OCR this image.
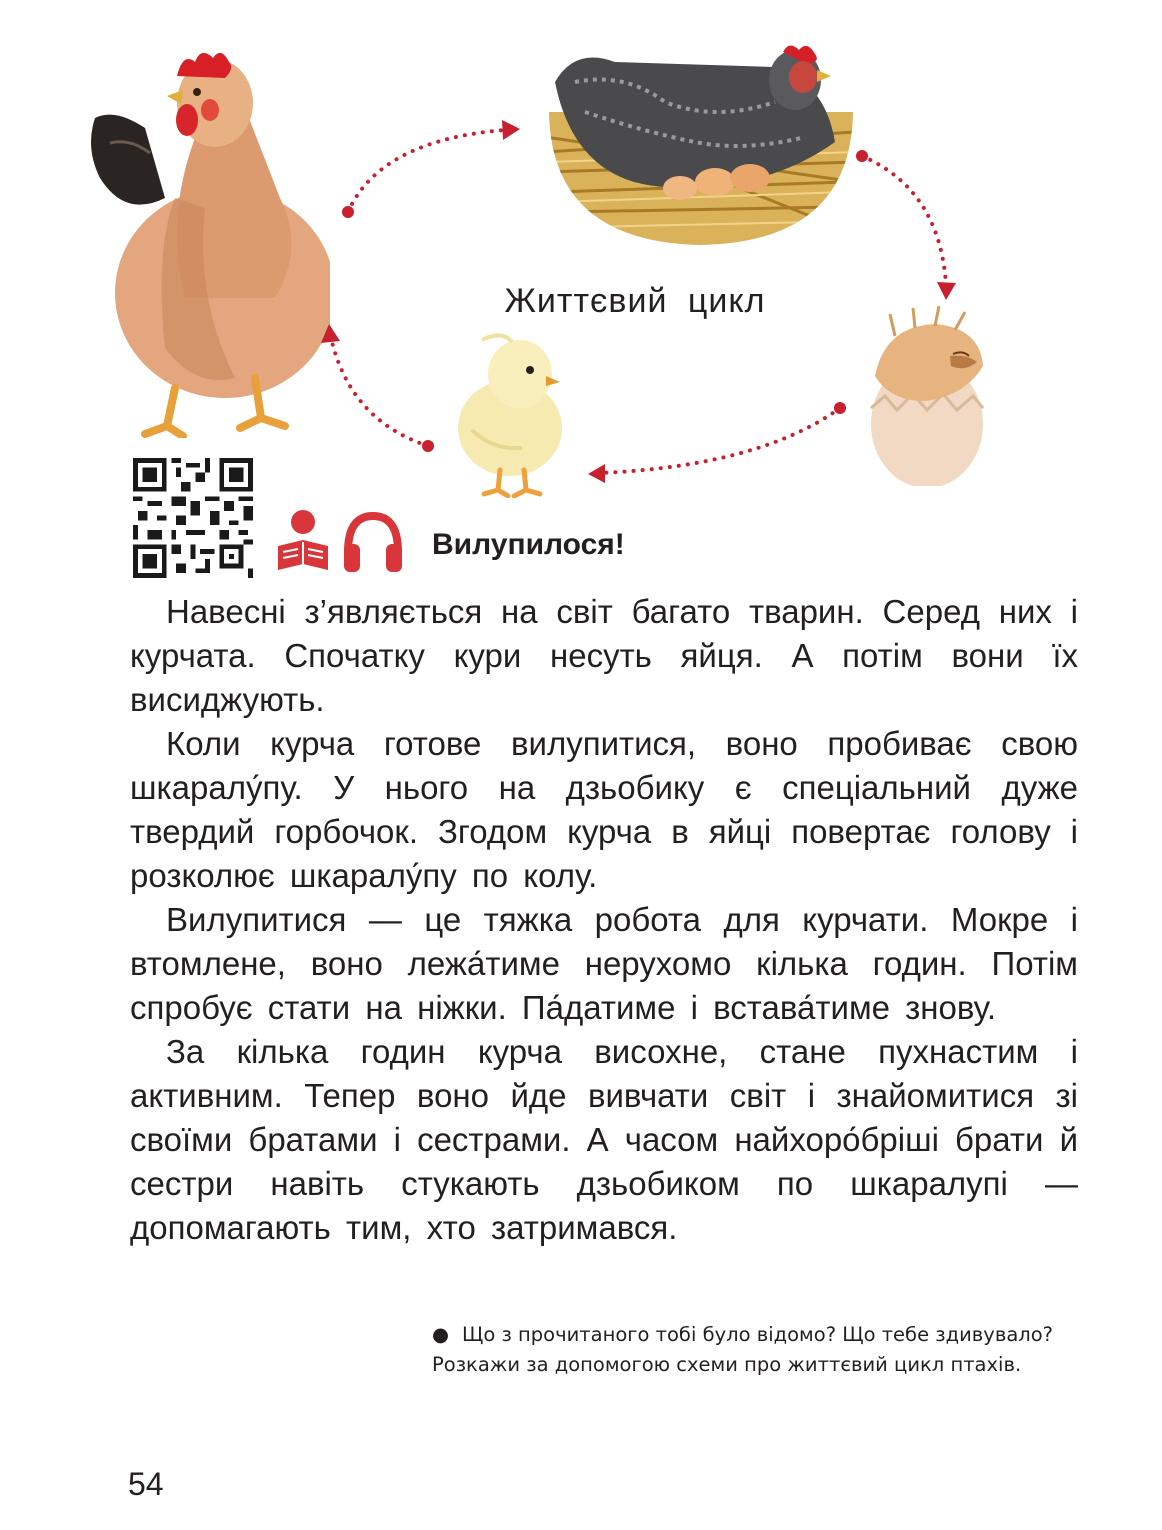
Життєвий цикл
Вилупилося!

Навесні з’являється на світ багато тварин. Серед них і курчата. Спочатку кури несуть яйця. А потім вони їх висиджують.

Коли курча готове вилупитися, воно пробиває свою шкаралу́пу. У нього на дзьобику є спеціальний дуже твердий горбочок. Згодом курча в яйці повертає голову і розколює шкаралу́пу по колу.

Вилупитися — це тяжка робота для курчати. Мокре і втомлене, воно лежа́тиме нерухомо кілька годин. Потім спробує стати на ніжки. Па́датиме і встава́тиме знову.

За кілька годин курча висохне, стане пухнастим і активним. Тепер воно йде вивчати світ і знайомитися зі своїми братами і сестрами. А часом найхоро́бріші брати й сестри навіть стукають дзьобиком по шкаралупі — допомагають тим, хто затримався.

● Що з прочитаного тобі було відомо? Що тебе здивувало?
Розкажи за допомогою схеми про життєвий цикл птахів.
54
